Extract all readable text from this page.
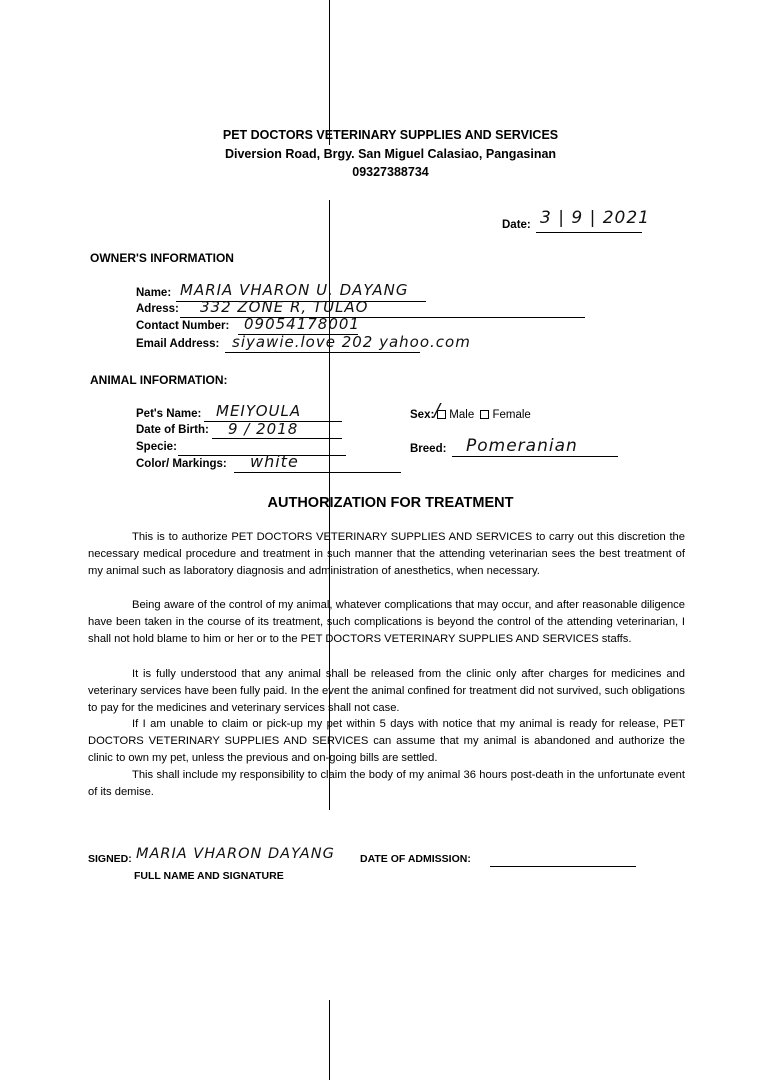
PET DOCTORS VETERINARY SUPPLIES AND SERVICES
Diversion Road, Brgy. San Miguel Calasiao, Pangasinan
09327388734
Date: 3 | 9 | 2021
OWNER'S INFORMATION
Name: MARIA VHARON U. DAYANG
Adress: 332 ZONE R, TULAO
Contact Number: 09054178001
Email Address: siyawie.love 202 yahoo.com
ANIMAL INFORMATION:
Pet's Name: MEIYOULA
Date of Birth: 9 / 2018
Specie:
Color/ Markings: white
Sex: Male Female
/
Breed: Pomeranian
AUTHORIZATION FOR TREATMENT

This is to authorize PET DOCTORS VETERINARY SUPPLIES AND SERVICES to carry out this discretion the necessary medical procedure and treatment in such manner that the attending veterinarian sees the best treatment of my animal such as laboratory diagnosis and administration of anesthetics, when necessary.

Being aware of the control of my animal, whatever complications that may occur, and after reasonable diligence have been taken in the course of its treatment, such complications is beyond the control of the attending veterinarian, I shall not hold blame to him or her or to the PET DOCTORS VETERINARY SUPPLIES AND SERVICES staffs.

It is fully understood that any animal shall be released from the clinic only after charges for medicines and veterinary services have been fully paid. In the event the animal confined for treatment did not survived, such obligations to pay for the medicines and veterinary services shall not case.

If I am unable to claim or pick-up my pet within 5 days with notice that my animal is ready for release, PET DOCTORS VETERINARY SUPPLIES AND SERVICES can assume that my animal is abandoned and authorize the clinic to own my pet, unless the previous and on-going bills are settled.

This shall include my responsibility to claim the body of my animal 36 hours post-death in the unfortunate event of its demise.

SIGNED: MARIA VHARON DAYANG
FULL NAME AND SIGNATURE
DATE OF ADMISSION:
